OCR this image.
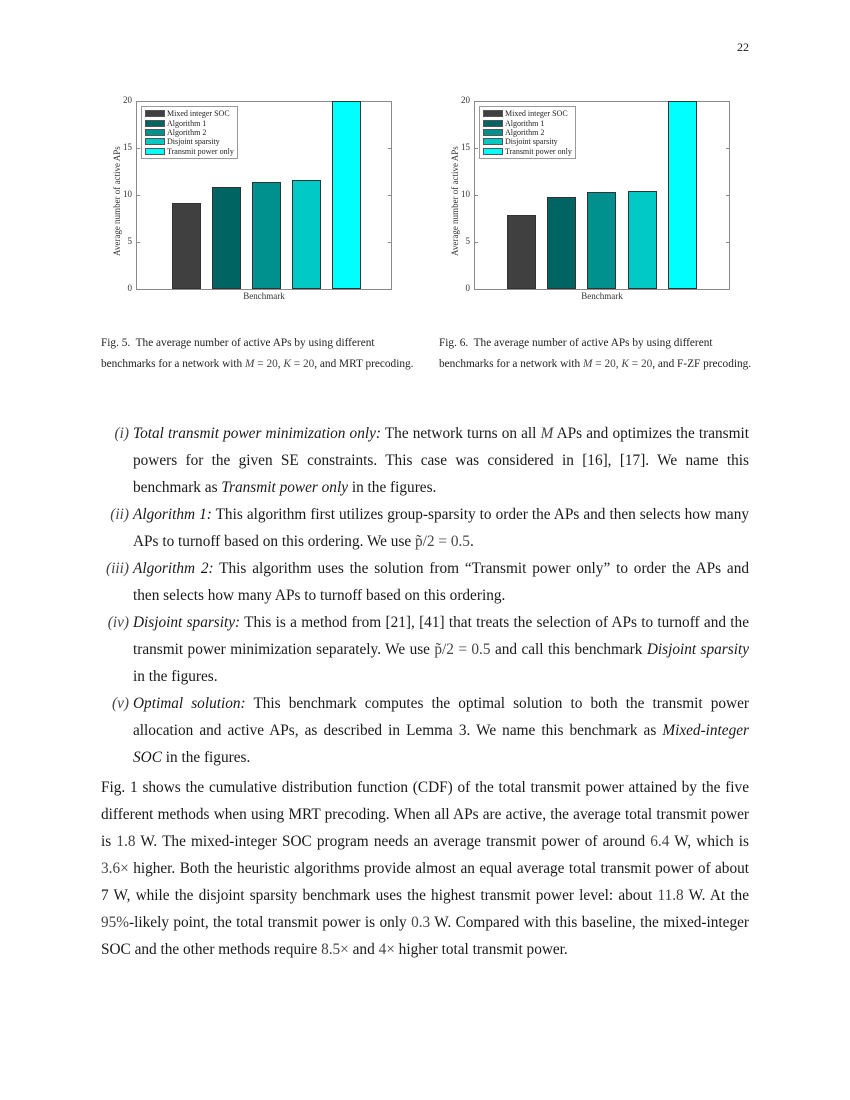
22
Average number of active APs
20
15
10
5
0
Mixed integer SOC
Algorithm 1
Algorithm 2
Disjoint sparsity
Transmit power only
Benchmark
Average number of active APs
20
15
10
5
0
Mixed integer SOC
Algorithm 1
Algorithm 2
Disjoint sparsity
Transmit power only
Benchmark
Fig. 5. The average number of active APs by using different benchmarks for a network with M = 20, K = 20, and MRT precoding.
Fig. 6. The average number of active APs by using different benchmarks for a network with M = 20, K = 20, and F-ZF precoding.
(i) Total transmit power minimization only: The network turns on all M APs and optimizes the transmit powers for the given SE constraints. This case was considered in [16], [17]. We name this benchmark as Transmit power only in the figures.
(ii) Algorithm 1: This algorithm first utilizes group-sparsity to order the APs and then selects how many APs to turnoff based on this ordering. We use p̃/2 = 0.5.
(iii) Algorithm 2: This algorithm uses the solution from “Transmit power only” to order the APs and then selects how many APs to turnoff based on this ordering.
(iv) Disjoint sparsity: This is a method from [21], [41] that treats the selection of APs to turnoff and the transmit power minimization separately. We use p̃/2 = 0.5 and call this benchmark Disjoint sparsity in the figures.
(v) Optimal solution: This benchmark computes the optimal solution to both the transmit power allocation and active APs, as described in Lemma 3. We name this benchmark as Mixed-integer SOC in the figures.

Fig. 1 shows the cumulative distribution function (CDF) of the total transmit power attained by the five different methods when using MRT precoding. When all APs are active, the average total transmit power is 1.8 W. The mixed-integer SOC program needs an average transmit power of around 6.4 W, which is 3.6× higher. Both the heuristic algorithms provide almost an equal average total transmit power of about 7 W, while the disjoint sparsity benchmark uses the highest transmit power level: about 11.8 W. At the 95%-likely point, the total transmit power is only 0.3 W. Compared with this baseline, the mixed-integer SOC and the other methods require 8.5× and 4× higher total transmit power.
